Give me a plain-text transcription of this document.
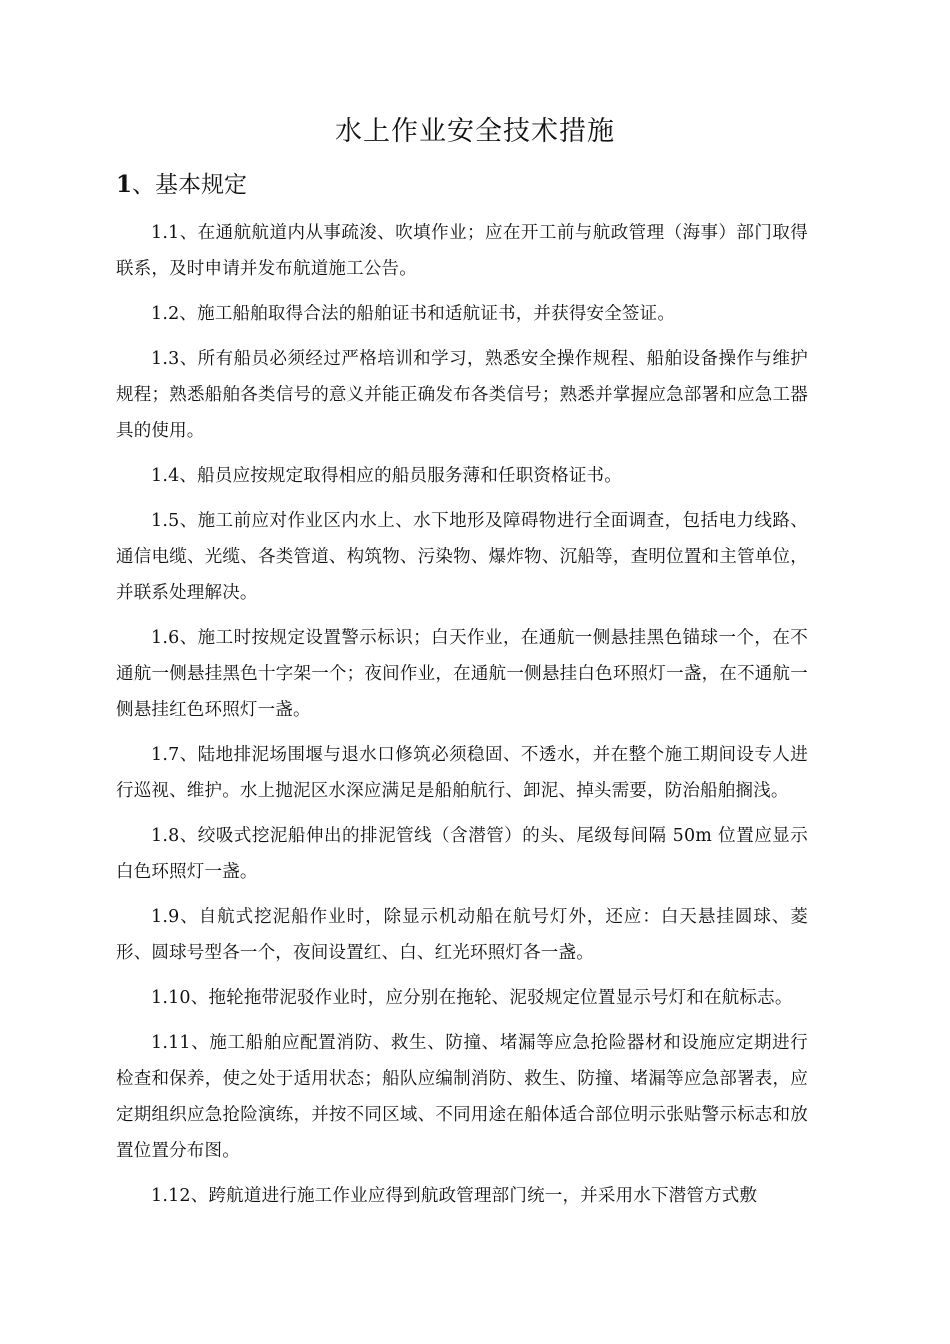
水上作业安全技术措施
1、基本规定

1.1、在通航航道内从事疏浚、吹填作业；应在开工前与航政管理（海事）部门取得联系，及时申请并发布航道施工公告。

1.2、施工船舶取得合法的船舶证书和适航证书，并获得安全签证。

1.3、所有船员必须经过严格培训和学习，熟悉安全操作规程、船舶设备操作与维护规程；熟悉船舶各类信号的意义并能正确发布各类信号；熟悉并掌握应急部署和应急工器具的使用。

1.4、船员应按规定取得相应的船员服务薄和任职资格证书。

1.5、施工前应对作业区内水上、水下地形及障碍物进行全面调查，包括电力线路、通信电缆、光缆、各类管道、构筑物、污染物、爆炸物、沉船等，查明位置和主管单位，并联系处理解决。

1.6、施工时按规定设置警示标识；白天作业，在通航一侧悬挂黑色锚球一个，在不通航一侧悬挂黑色十字架一个；夜间作业，在通航一侧悬挂白色环照灯一盏，在不通航一侧悬挂红色环照灯一盏。

1.7、陆地排泥场围堰与退水口修筑必须稳固、不透水，并在整个施工期间设专人进行巡视、维护。水上抛泥区水深应满足是船舶航行、卸泥、掉头需要，防治船舶搁浅。

1.8、绞吸式挖泥船伸出的排泥管线（含潜管）的头、尾级每间隔 50m 位置应显示白色环照灯一盏。

1.9、自航式挖泥船作业时，除显示机动船在航号灯外，还应：白天悬挂圆球、菱形、圆球号型各一个，夜间设置红、白、红光环照灯各一盏。

1.10、拖轮拖带泥驳作业时，应分别在拖轮、泥驳规定位置显示号灯和在航标志。

1.11、施工船舶应配置消防、救生、防撞、堵漏等应急抢险器材和设施应定期进行检查和保养，使之处于适用状态；船队应编制消防、救生、防撞、堵漏等应急部署表，应定期组织应急抢险演练，并按不同区域、不同用途在船体适合部位明示张贴警示标志和放置位置分布图。

1.12、跨航道进行施工作业应得到航政管理部门统一，并采用水下潜管方式敷
